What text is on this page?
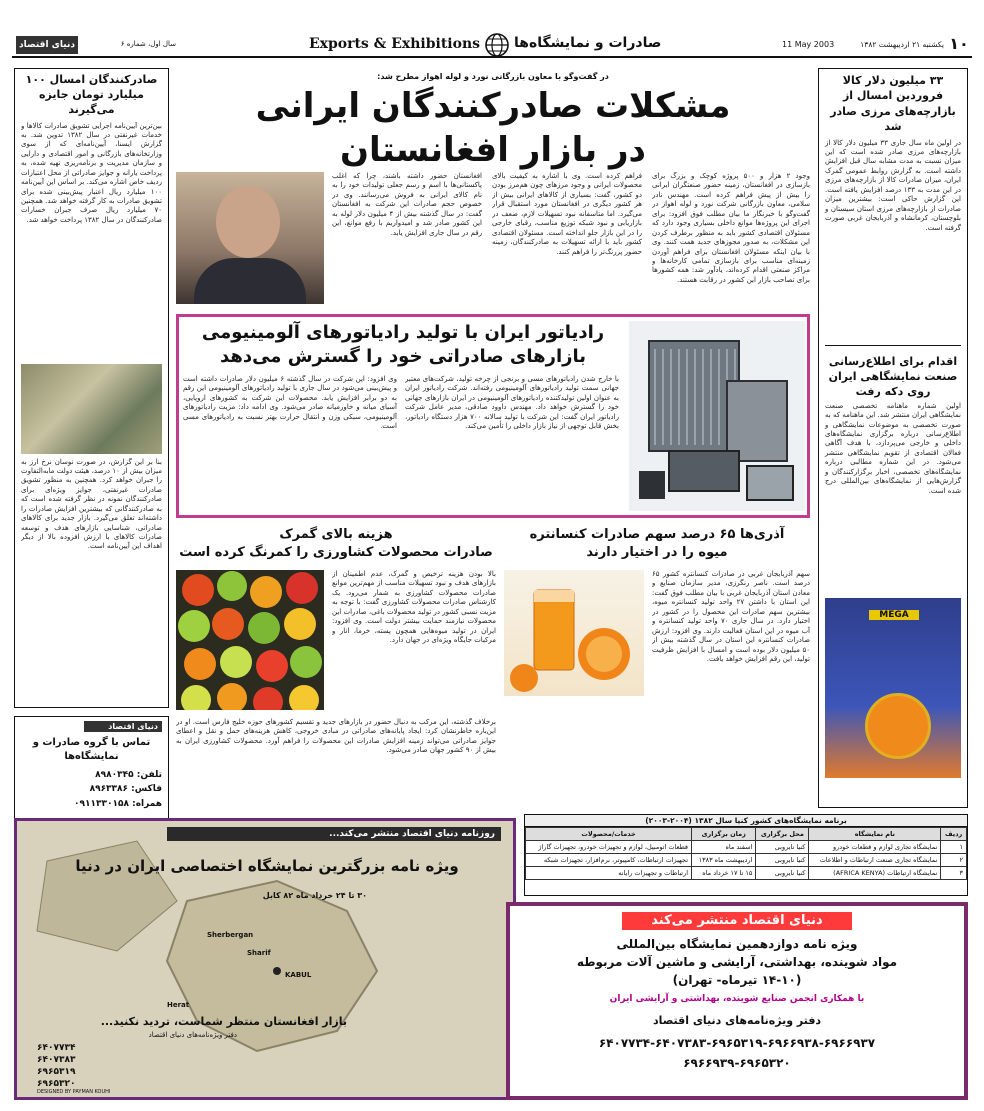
دنیای اقتصاد	سال اول، شماره ۶	Exports & Exhibitions صادرات و نمایشگاه‌ها	11 May 2003	یکشنبه ۲۱ اردیبهشت ۱۳۸۲ ۱۰
صادرکنندگان امسال ۱۰۰ میلیارد تومان جایزه می‌گیرند
بین‌ترین آیین‌نامه اجرایی تشویق صادرات کالاها و خدمات غیرنفتی در سال ۱۳۸۲ تدوین شد. به گزارش ایسنا، آیین‌نامه‌ای که از سوی وزارتخانه‌های بازرگانی و امور اقتصادی و دارایی و سازمان مدیریت و برنامه‌ریزی تهیه شده، به پرداخت یارانه و جوایز صادراتی از محل اعتبارات ردیف خاص اشاره می‌کند. بر اساس این آیین‌نامه ۱۰۰ میلیارد ریال اعتبار پیش‌بینی شده برای تشویق صادرات به کار گرفته خواهد شد. همچنین ۷۰ میلیارد ریال صرف جبران خسارات صادرکنندگان در سال ۱۳۸۲ پرداخت خواهد شد.
بنا بر این گزارش، در صورت نوسان نرخ ارز به میزان بیش از ۱۰ درصد، هیئت دولت مابه‌التفاوت را جبران خواهد کرد. همچنین به منظور تشویق صادرات غیرنفتی، جوایز ویژه‌ای برای صادرکنندگان نمونه در نظر گرفته شده است که به صادرکنندگانی که بیشترین افزایش صادرات را داشته‌اند تعلق می‌گیرد. بازار جدید برای کالاهای صادراتی، شناسایی بازارهای هدف و توسعه صادرات کالاهای با ارزش افزوده بالا از دیگر اهداف این آیین‌نامه است.
دنیای اقتصاد
تماس با گروه صادرات و نمایشگاه‌ها
تلفن: ۸۹۸۰۳۴۵
فاکس: ۸۹۶۳۳۸۶
همراه: ۰۹۱۱۳۳۰۱۵۸
در گفت‌وگو با معاون بازرگانی نورد و لوله اهواز مطرح شد:
مشکلات صادرکنندگان ایرانی
در بازار افغانستان
افغانستان حضور داشته باشند، چرا که اغلب پاکستانی‌ها با اسم و رسم جعلی تولیدات خود را به نام کالای ایرانی به فروش می‌رسانند. وی در خصوص حجم صادرات این شرکت به افغانستان گفت: در سال گذشته بیش از ۴ میلیون دلار لوله به این کشور صادر شد و امیدواریم با رفع موانع، این رقم در سال جاری افزایش یابد.
فراهم کرده است. وی با اشاره به کیفیت بالای محصولات ایرانی و وجود مرزهای چون هم‌مرز بودن دو کشور، گفت: بسیاری از کالاهای ایرانی بیش از هر کشور دیگری در افغانستان مورد استقبال قرار می‌گیرد. اما متاسفانه نبود تسهیلات لازم، ضعف در بازاریابی و نبود شبکه توزیع مناسب، رقبای خارجی را در این بازار جلو انداخته است. مسئولان اقتصادی کشور باید با ارائه تسهیلات به صادرکنندگان، زمینه حضور پررنگ‌تر را فراهم کنند.
وجود ۲ هزار و ۵۰۰ پروژه کوچک و بزرگ برای بازسازی در افغانستان، زمینه حضور صنعتگران ایرانی را بیش از پیش فراهم کرده است. مهندس نادر سلامی، معاون بازرگانی شرکت نورد و لوله اهواز در گفت‌وگو با خبرنگار ما بیان مطلب فوق افزود: برای اجرای این پروژه‌ها موانع داخلی بسیاری وجود دارد که مسئولان اقتصادی کشور باید به منظور برطرف کردن این مشکلات، به صدور مجوزهای جدید همت کنند. وی با بیان اینکه مسئولان افغانستان برای فراهم آوردن زمینه‌ای مناسب برای بازسازی تمامی کارخانه‌ها و مراکز صنعتی اقدام کرده‌اند، یادآور شد: همه کشورها برای تصاحب بازار این کشور در رقابت هستند.
رادیاتور ایران با تولید رادیاتورهای آلومینیومی
بازارهای صادراتی خود را گسترش می‌دهد
وی افزود: این شرکت در سال گذشته ۶ میلیون دلار صادرات داشته است و پیش‌بینی می‌شود در سال جاری با تولید رادیاتورهای آلومینیومی این رقم به دو برابر افزایش یابد. محصولات این شرکت به کشورهای اروپایی، آسیای میانه و خاورمیانه صادر می‌شود. وی ادامه داد: مزیت رادیاتورهای آلومینیومی، سبکی وزن و انتقال حرارت بهتر نسبت به رادیاتورهای مسی است.
با خارج شدن رادیاتورهای مسی و برنجی از چرخه تولید، شرکت‌های معتبر جهانی سمت تولید رادیاتورهای آلومینیومی رفته‌اند. شرکت رادیاتور ایران به عنوان اولین تولیدکننده رادیاتورهای آلومینیومی در ایران بازارهای جهانی خود را گسترش خواهد داد. مهندس داوود صادقی، مدیر عامل شرکت رادیاتور ایران گفت: این شرکت با تولید سالانه ۷۰۰ هزار دستگاه رادیاتور، بخش قابل توجهی از نیاز بازار داخلی را تأمین می‌کند.
۳۳ میلیون دلار کالا فروردین امسال از بازارچه‌های مرزی صادر شد
در اولین ماه سال جاری ۳۳ میلیون دلار کالا از بازارچه‌های مرزی صادر شده است که این میزان نسبت به مدت مشابه سال قبل افزایش داشته است. به گزارش روابط عمومی گمرک ایران، میزان صادرات کالا از بازارچه‌های مرزی در این مدت به ۱۳۳ درصد افزایش یافته است. این گزارش حاکی است: بیشترین میزان صادرات از بازارچه‌های مرزی استان سیستان و بلوچستان، کرمانشاه و آذربایجان غربی صورت گرفته است.
اقدام برای اطلاع‌رسانی صنعت نمایشگاهی ایران روی دکه رفت
اولین شماره ماهنامه تخصصی صنعت نمایشگاهی ایران منتشر شد. این ماهنامه که به صورت تخصصی به موضوعات نمایشگاهی و اطلاع‌رسانی درباره برگزاری نمایشگاه‌های داخلی و خارجی می‌پردازد، با هدف آگاهی فعالان اقتصادی از تقویم نمایشگاهی منتشر می‌شود. در این شماره مطالبی درباره نمایشگاه‌های تخصصی، اخبار برگزارکنندگان و گزارش‌هایی از نمایشگاه‌های بین‌المللی درج شده است.
MEGA
هزینه بالای گمرک
صادرات محصولات کشاورزی را کمرنگ کرده است
بالا بودن هزینه ترخیص و گمرک، عدم اطمینان از بازارهای هدف و نبود تسهیلات مناسب از مهم‌ترین موانع صادرات محصولات کشاورزی به شمار می‌رود. یک کارشناس صادرات محصولات کشاورزی گفت: با توجه به مزیت نسبی کشور در تولید محصولات باغی، صادرات این محصولات نیازمند حمایت بیشتر دولت است. وی افزود: ایران در تولید میوه‌هایی همچون پسته، خرما، انار و مرکبات جایگاه ویژه‌ای در جهان دارد.
برخلاف گذشته، این مرکب به دنبال حضور در بازارهای جدید و تقسیم کشورهای حوزه خلیج فارس است. او در این‌باره خاطرنشان کرد: ایجاد پایانه‌های صادراتی در مبادی خروجی، کاهش هزینه‌های حمل و نقل و اعطای جوایز صادراتی می‌تواند زمینه افزایش صادرات این محصولات را فراهم آورد. محصولات کشاورزی ایران به بیش از ۹۰ کشور جهان صادر می‌شود.
آذری‌ها ۶۵ درصد سهم صادرات کنسانتره
میوه را در اختیار دارند
سهم آذربایجان غربی در صادرات کنسانتره کشور ۶۵ درصد است. ناصر رنگرزی، مدیر سازمان صنایع و معادن استان آذربایجان غربی با بیان مطلب فوق گفت: این استان با داشتن ۲۷ واحد تولید کنسانتره میوه، بیشترین سهم صادرات این محصول را در کشور در اختیار دارد. در سال جاری ۷۰ واحد تولید کنسانتره و آب میوه در این استان فعالیت دارند. وی افزود: ارزش صادرات کنسانتره این استان در سال گذشته بیش از ۵۰ میلیون دلار بوده است و امسال با افزایش ظرفیت تولید، این رقم افزایش خواهد یافت.
برنامه نمایشگاه‌های کشور کنیا سال ۱۳۸۲ (۲۰۰۴-۲۰۰۳)
ردیف	نام نمایشگاه	محل برگزاری	زمان برگزاری	خدمات/محصولات
۱	نمایشگاه تجاری لوازم و قطعات خودرو	کنیا نایروبی	اسفند ماه	قطعات اتومبیل، لوازم و تجهیزات خودرو، تجهیزات گاراژ
۲	نمایشگاه تجاری صنعت ارتباطات و اطلاعات	کنیا نایروبی	اردیبهشت ماه ۱۳۸۳	تجهیزات ارتباطات، کامپیوتر، نرم‌افزار، تجهیزات شبکه
۳	نمایشگاه ارتباطات (AFRICA KENYA)	کنیا نایروبی	۱۵ تا ۱۷ خرداد ماه	ارتباطات و تجهیزات رایانه
روزنامه دنیای اقتصاد منتشر می‌کند...
ویژه نامه بزرگترین نمایشگاه اختصاصی ایران در دنیا
۳۰ تا ۲۴ خرداد ماه ۸۲ کابل
Sherbergan
Sharif
Herat
KABUL
بازار افغانستان منتظر شماست، تردید نکنید...
دفتر ویژه‌نامه‌های دنیای اقتصاد
۶۴۰۷۷۳۴
۶۴۰۷۳۸۳
۶۹۶۵۳۱۹
۶۹۶۵۳۲۰
DESIGNED BY PAYMAN KOUHI
دنیای اقتصاد منتشر می‌کند
ویژه نامه دوازدهمین نمایشگاه بین‌المللی
مواد شوینده، بهداشتی، آرایشی و ماشین آلات مربوطه
(۱۴-۱۰ تیرماه- تهران)
با همکاری انجمن صنایع شوینده، بهداشتی و آرایشی ایران
دفتر ویژه‌نامه‌های دنیای اقتصاد
۶۴۰۷۷۳۴-۶۴۰۷۳۸۳-۶۹۶۵۳۱۹-۶۹۶۶۹۳۸-۶۹۶۶۹۳۷
۶۹۶۶۹۳۹-۶۹۶۵۳۲۰
